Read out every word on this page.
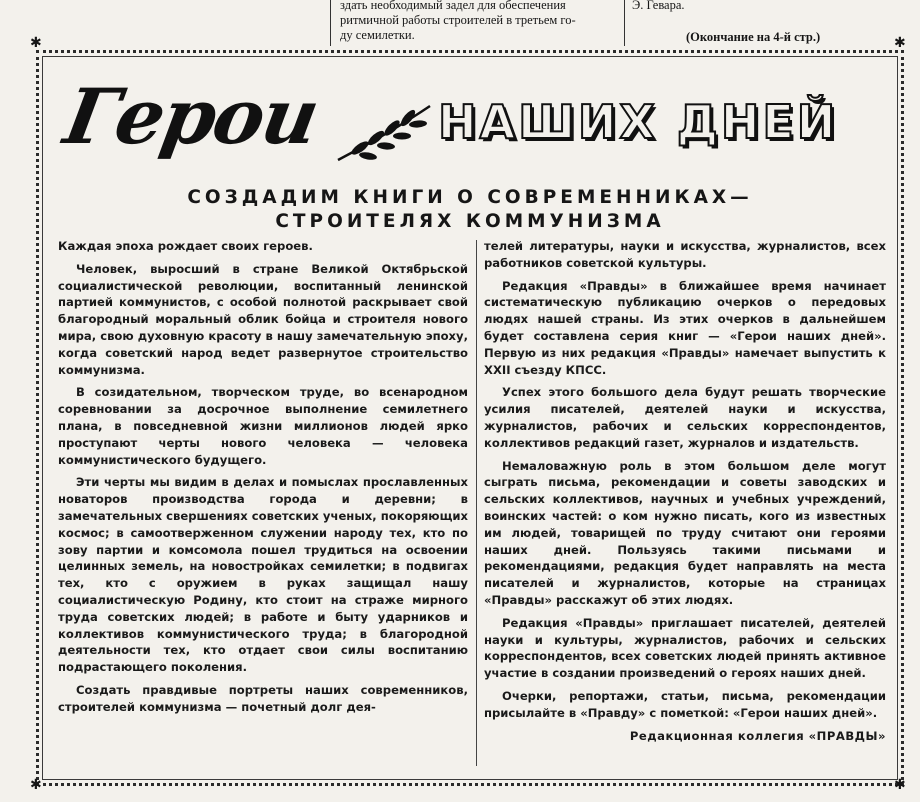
здать необходимый задел для обеспечения
ритмичной работы строителей в третьем го-
ду семилетки.
Э. Гевара.
(Окончание на 4-й стр.)
✱	✱
✱	✱
Герои НАШИХ ДНЕЙ
СОЗДАДИМ КНИГИ О СОВРЕМЕННИКАХ—
СТРОИТЕЛЯХ КОММУНИЗМА

Каждая эпоха рождает своих героев.

Человек, выросший в стране Великой Октябрьской социалистической революции, воспитанный ленинской партией коммунистов, с особой полнотой раскрывает свой благородный моральный облик бойца и строителя нового мира, свою духовную красоту в нашу замечательную эпоху, когда советский народ ведет развернутое строительство коммунизма.

В созидательном, творческом труде, во всенародном соревновании за досрочное выполнение семилетнего плана, в повседневной жизни миллионов людей ярко проступают черты нового человека — человека коммунистического будущего.

Эти черты мы видим в делах и помыслах прославленных новаторов производства города и деревни; в замечательных свершениях советских ученых, покоряющих космос; в самоотверженном служении народу тех, кто по зову партии и комсомола пошел трудиться на освоении целинных земель, на новостройках семилетки; в подвигах тех, кто с оружием в руках защищал нашу социалистическую Родину, кто стоит на страже мирного труда советских людей; в работе и быту ударников и коллективов коммунистического труда; в благородной деятельности тех, кто отдает свои силы воспитанию подрастающего поколения.

Создать правдивые портреты наших современников, строителей коммунизма — почетный долг дея-

телей литературы, науки и искусства, журналистов, всех работников советской культуры.

Редакция «Правды» в ближайшее время начинает систематическую публикацию очерков о передовых людях нашей страны. Из этих очерков в дальнейшем будет составлена серия книг — «Герои наших дней». Первую из них редакция «Правды» намечает выпустить к XXII съезду КПСС.

Успех этого большого дела будут решать творческие усилия писателей, деятелей науки и искусства, журналистов, рабочих и сельских корреспондентов, коллективов редакций газет, журналов и издательств.

Немаловажную роль в этом большом деле могут сыграть письма, рекомендации и советы заводских и сельских коллективов, научных и учебных учреждений, воинских частей: о ком нужно писать, кого из известных им людей, товарищей по труду считают они героями наших дней. Пользуясь такими письмами и рекомендациями, редакция будет направлять на места писателей и журналистов, которые на страницах «Правды» расскажут об этих людях.

Редакция «Правды» приглашает писателей, деятелей науки и культуры, журналистов, рабочих и сельских корреспондентов, всех советских людей принять активное участие в создании произведений о героях наших дней.

Очерки, репортажи, статьи, письма, рекомендации присылайте в «Правду» с пометкой: «Герои наших дней».

Редакционная коллегия «ПРАВДЫ»
